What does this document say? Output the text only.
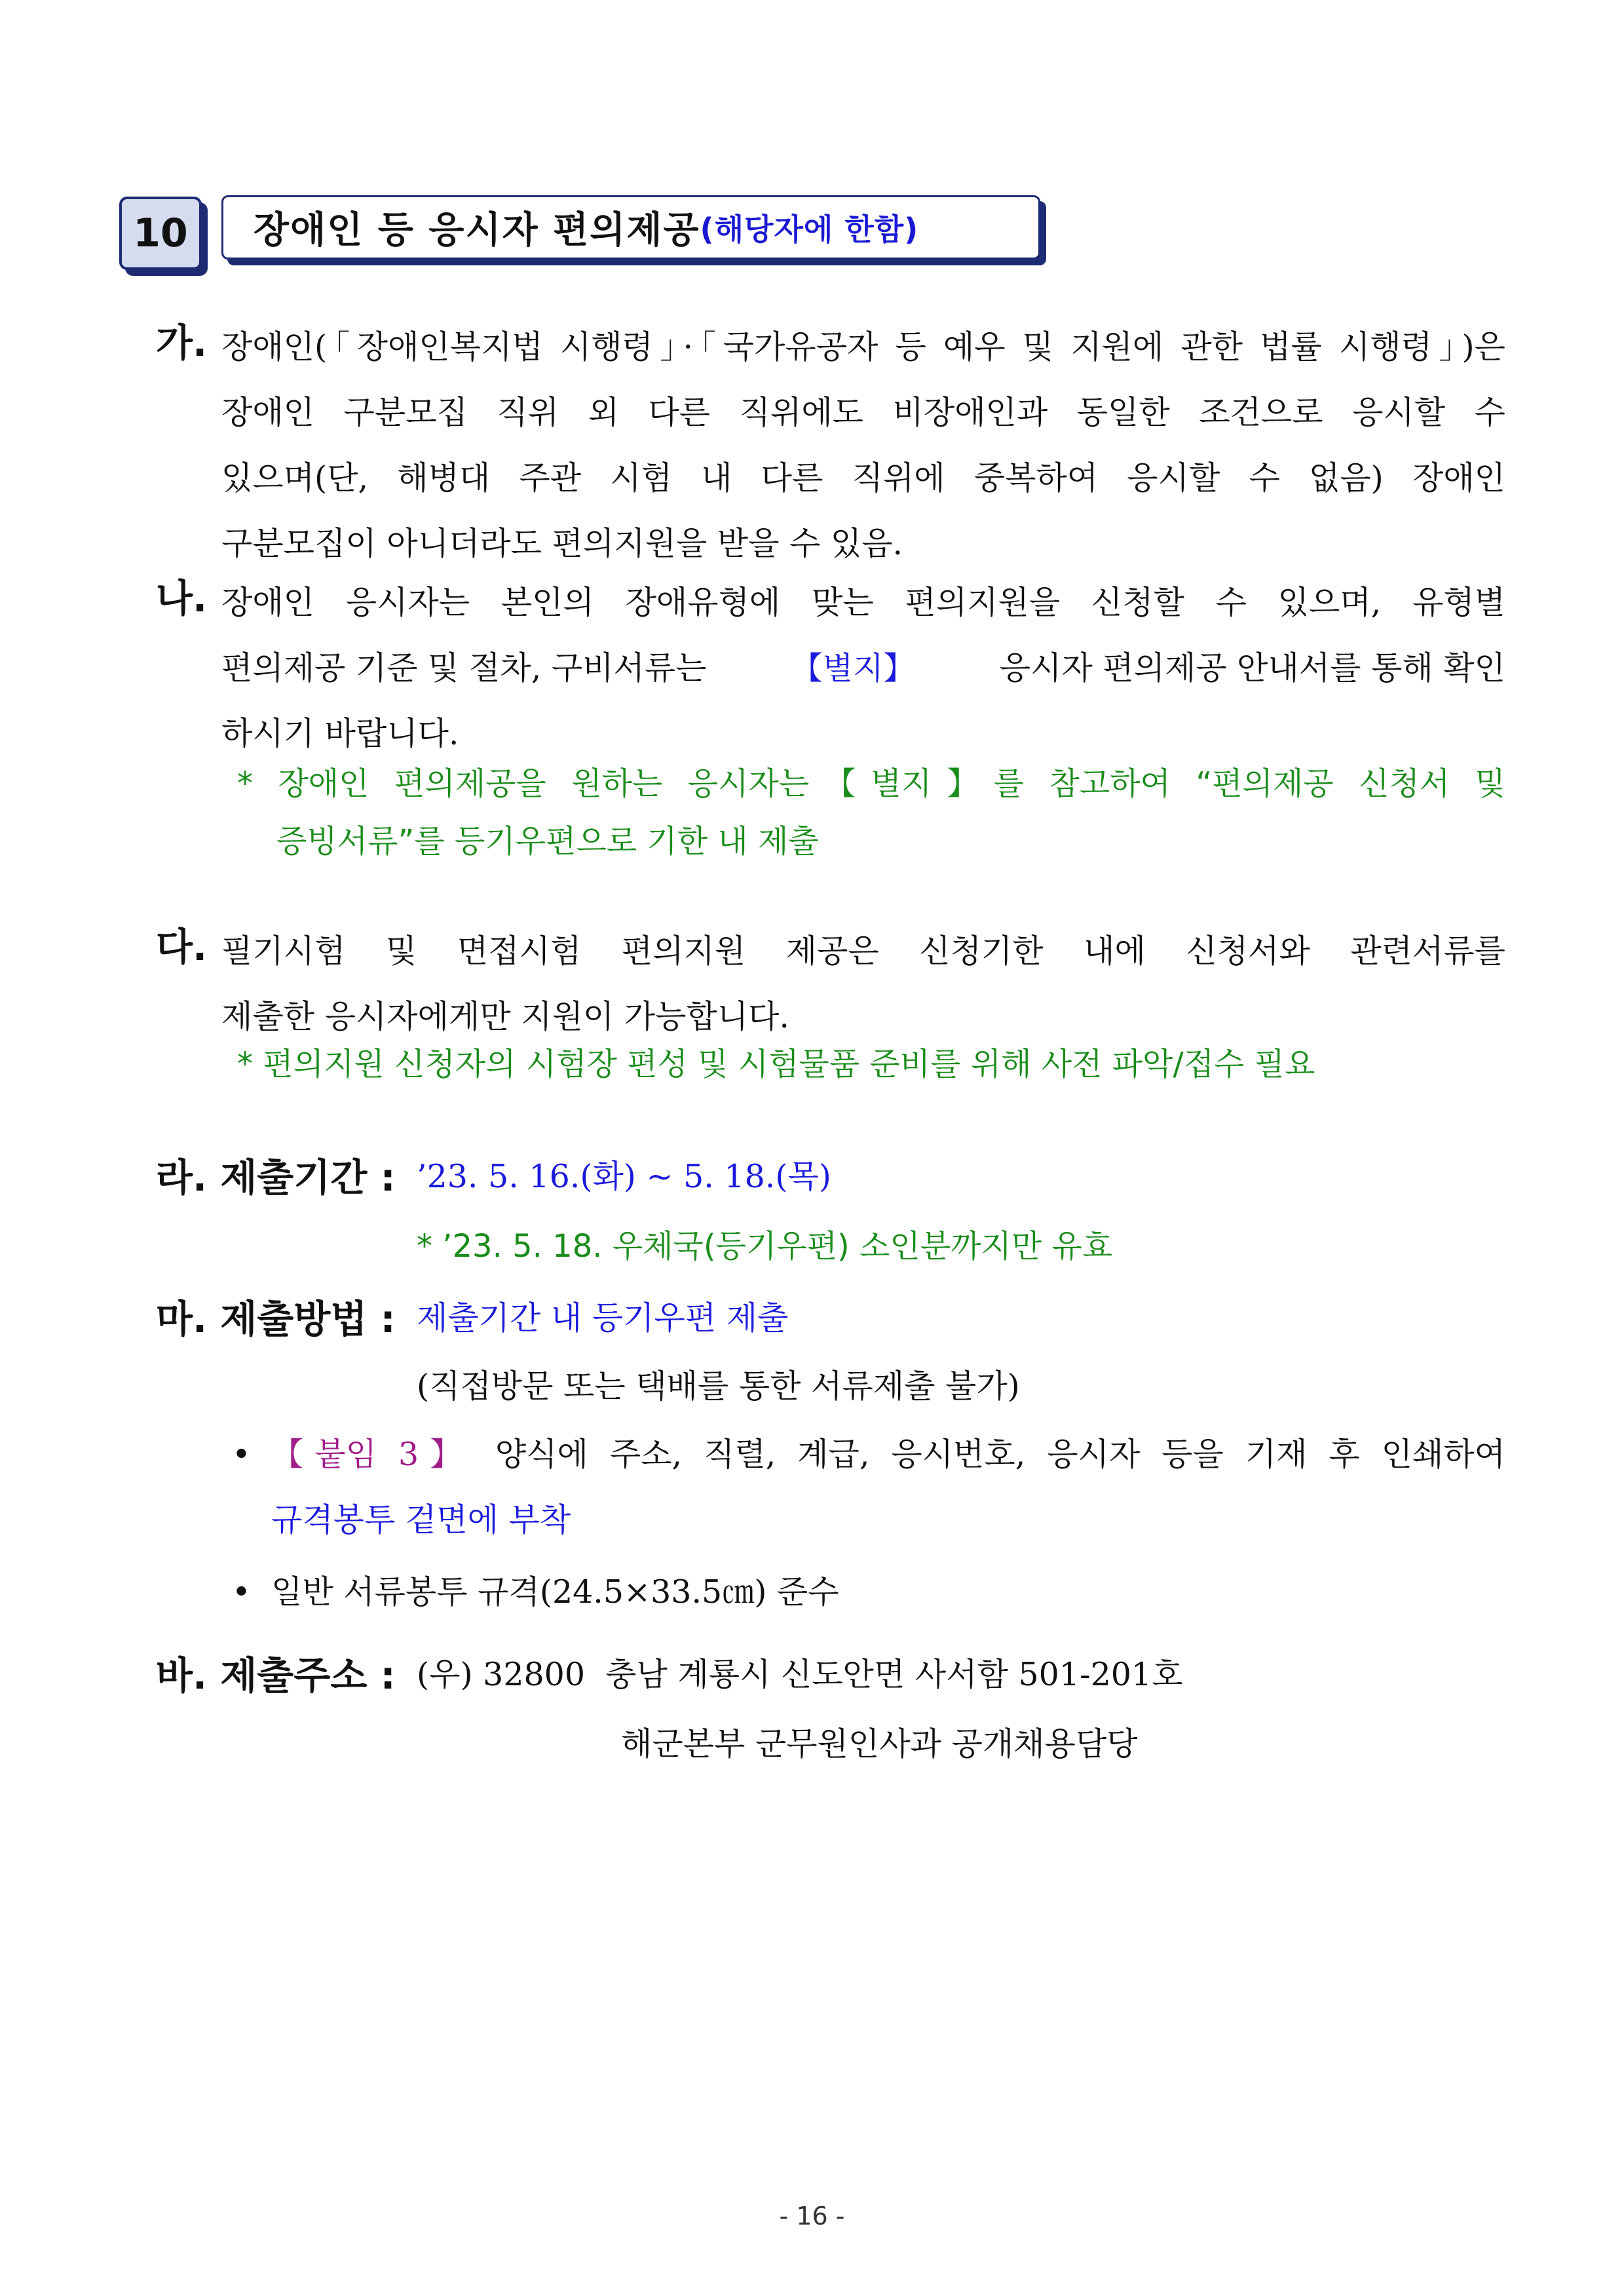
10 장애인 등 응시자 편의제공 (해당자에 한함)
가. 장애인(「장애인복지법 시행령」·「국가유공자 등 예우 및 지원에 관한 법률 시행령」)은
장애인 구분모집 직위 외 다른 직위에도 비장애인과 동일한 조건으로 응시할 수
있으며(단, 해병대 주관 시험 내 다른 직위에 중복하여 응시할 수 없음) 장애인
구분모집이 아니더라도 편의지원을 받을 수 있음.
나. 장애인 응시자는 본인의 장애유형에 맞는 편의지원을 신청할 수 있으며, 유형별
편의제공 기준 및 절차, 구비서류는	【별지】	응시자 편의제공 안내서를 통해 확인
하시기 바랍니다.
* 장애인 편의제공을 원하는 응시자는【별지】를 참고하여 “편의제공 신청서 및
증빙서류”를 등기우편으로 기한 내 제출
다. 필기시험 및 면접시험 편의지원 제공은 신청기한 내에 신청서와 관련서류를
제출한 응시자에게만 지원이 가능합니다.
* 편의지원 신청자의 시험장 편성 및 시험물품 준비를 위해 사전 파악/접수 필요
라. 제출기간 : ’23. 5. 16.(화) ~ 5. 18.(목)
* ’23. 5. 18. 우체국(등기우편) 소인분까지만 유효
마. 제출방법 : 제출기간 내 등기우편 제출
(직접방문 또는 택배를 통한 서류제출 불가)
• 【붙임 3】 양식에 주소, 직렬, 계급, 응시번호, 응시자 등을 기재 후 인쇄하여
규격봉투 겉면에 부착
• 일반 서류봉투 규격(24.5×33.5㎝) 준수
바. 제출주소 : (우) 32800  충남 계룡시 신도안면 사서함 501-201호
해군본부 군무원인사과 공개채용담당
- 16 -
